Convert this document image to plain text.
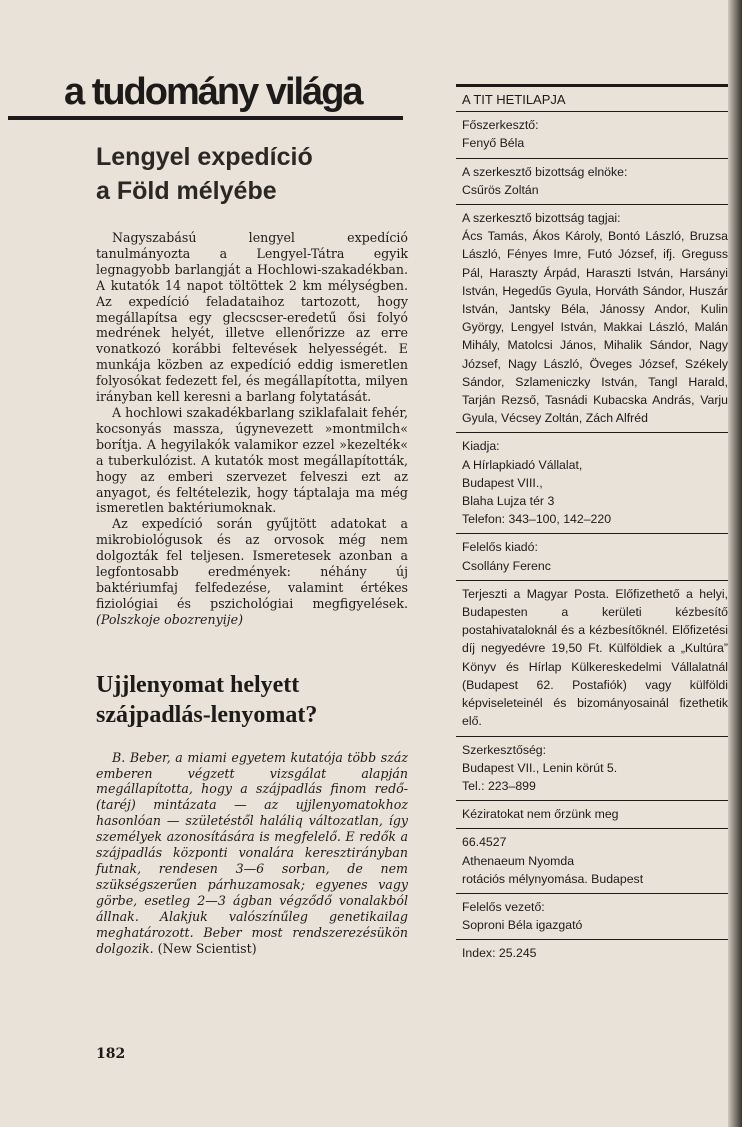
a tudomány világa
Lengyel expedíció
a Föld mélyébe

Nagyszabású lengyel expedíció tanulmányozta a Lengyel-Tátra egyik legnagyobb barlangját a Hochlowi-szakadékban. A kutatók 14 napot töltöttek 2 km mélységben. Az expedíció feladataihoz tartozott, hogy megállapítsa egy glecscser-eredetű ősi folyó medrének helyét, illetve ellenőrizze az erre vonatkozó korábbi feltevések helyességét. E munkája közben az expedíció eddig ismeretlen folyosókat fedezett fel, és megállapította, milyen irányban kell keresni a barlang folytatását.

A hochlowi szakadékbarlang sziklafalait fehér, kocsonyás massza, úgynevezett »montmilch« borítja. A hegyilakók valamikor ezzel »kezelték« a tuberkulózist. A kutatók most megállapították, hogy az emberi szervezet felveszi ezt az anyagot, és feltételezik, hogy táptalaja ma még ismeretlen baktériumoknak.

Az expedíció során gyűjtött adatokat a mikrobiológusok és az orvosok még nem dolgozták fel teljesen. Ismeretesek azonban a legfontosabb eredmények: néhány új baktériumfaj felfedezése, valamint értékes fiziológiai és pszichológiai megfigyelések. (Polszkoje obozrenyije)

Ujjlenyomat helyett
szájpadlás-lenyomat?

B. Beber, a miami egyetem kutatója több száz emberen végzett vizsgálat alapján megállapította, hogy a szájpadlás finom redő- (taréj) mintázata — az ujjlenyomatokhoz hasonlóan — születéstől haláliq változatlan, így személyek azonosítására is megfelelő. E redők a szájpadlás központi vonalára keresztirányban futnak, rendesen 3—6 sorban, de nem szükségszerűen párhuzamosak; egyenes vagy görbe, esetleg 2—3 ágban végződő vonalakból állnak. Alakjuk valószínűleg genetikailag meghatározott. Beber most rendszerezésükön dolgozik. (New Scientist)

182
A TIT HETILAPJA
Főszerkesztő:
Fenyő Béla
A szerkesztő bizottság elnöke:
Csűrös Zoltán
A szerkesztő bizottság tagjai:
Ács Tamás, Ákos Károly, Bontó László, Bruzsa László, Fényes Imre, Futó József, ifj. Greguss Pál, Haraszty Árpád, Haraszti István, Harsányi István, Hegedűs Gyula, Horváth Sándor, Huszár István, Jantsky Béla, Jánossy Andor, Kulin György, Lengyel István, Makkai László, Malán Mihály, Matolcsi János, Mihalik Sándor, Nagy József, Nagy László, Öveges József, Székely Sándor, Szlameniczky István, Tangl Harald, Tarján Rezső, Tasnádi Kubacska András, Varju Gyula, Vécsey Zoltán, Zách Alfréd
Kiadja:
A Hírlapkiadó Vállalat,
Budapest VIII.,
Blaha Lujza tér 3
Telefon: 343–100, 142–220
Felelős kiadó:
Csollány Ferenc
Terjeszti a Magyar Posta. Előfizethető a helyi, Budapesten a kerületi kézbesítő postahivataloknál és a kézbesítőknél. Előfizetési díj negyedévre 19,50 Ft. Külföldiek a „Kultúra” Könyv és Hírlap Külkereskedelmi Vállalatnál (Budapest 62. Postafiók) vagy külföldi képviseleteinél és bizományosainál fizethetik elő.
Szerkesztőség:
Budapest VII., Lenin körút 5.
Tel.: 223–899
Kéziratokat nem őrzünk meg
66.4527
Athenaeum Nyomda
rotációs mélynyomása. Budapest
Felelős vezető:
Soproni Béla igazgató
Index: 25.245
